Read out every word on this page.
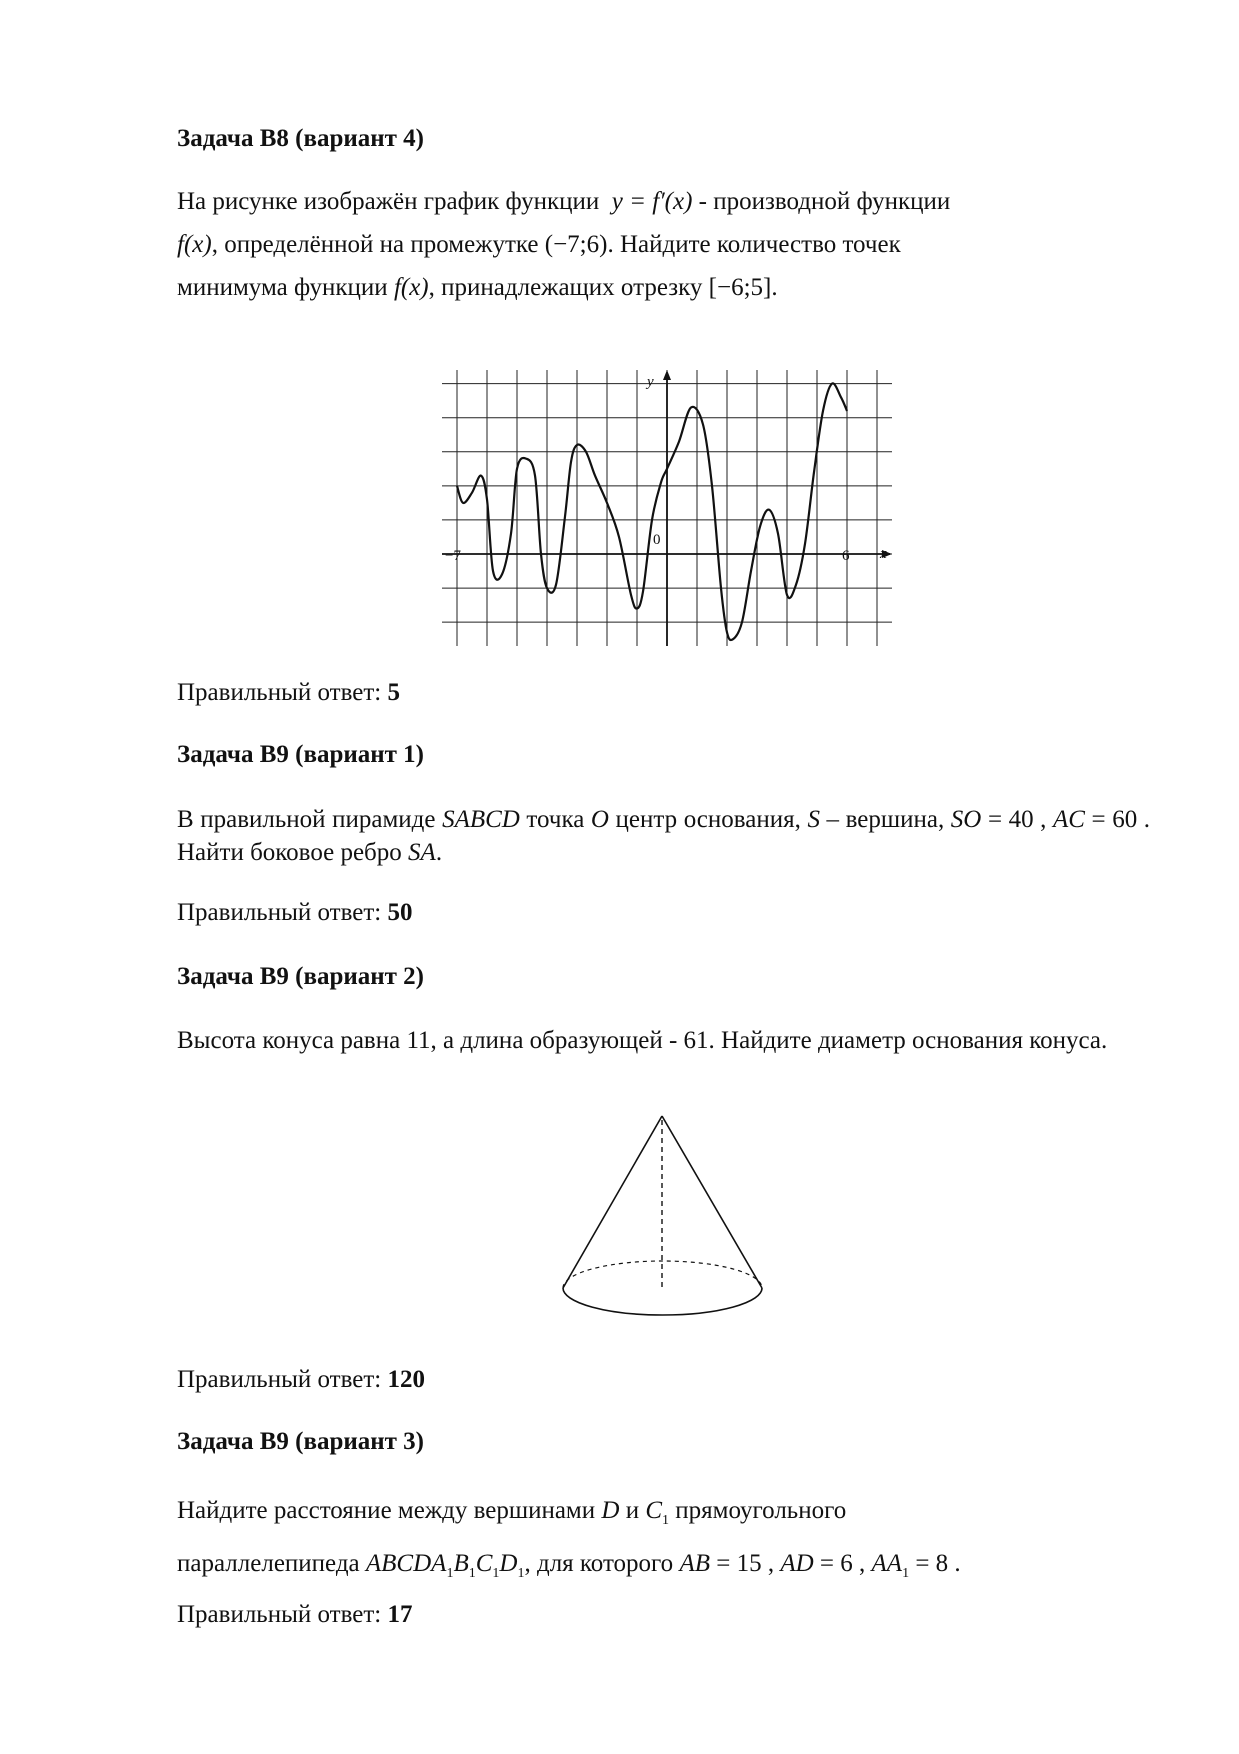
Задача B8 (вариант 4)
На рисунке изображён график функции y = f′(x) - производной функции
f(x), определённой на промежутке (−7;6). Найдите количество точек
минимума функции f(x), принадлежащих отрезку [−6;5].
−7
0
6 x
y
Правильный ответ: 5
Задача B9 (вариант 1)
В правильной пирамиде SABCD точка O центр основания, S – вершина, SO = 40 , AC = 60 . Найти боковое ребро SA.
Правильный ответ: 50
Задача B9 (вариант 2)
Высота конуса равна 11, а длина образующей - 61. Найдите диаметр основания конуса.
Правильный ответ: 120
Задача B9 (вариант 3)
Найдите расстояние между вершинами D и $C_1$ прямоугольного
параллелепипеда $ABCDA_1B_1C_1D_1$, для которого AB = 15 , AD = 6 , $AA_1 = 8$ .
Правильный ответ: 17
